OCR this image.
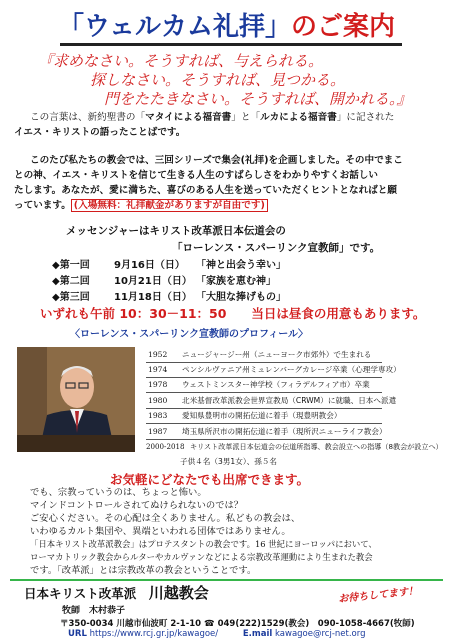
「ウェルカム礼拝」のご案内
『求めなさい。そうすれば、与えられる。
探しなさい。そうすれば、見つかる。
門をたたきなさい。そうすれば、開かれる。』
この言葉は、新約聖書の「マタイによる福音書」と「ルカによる福音書」に記された
イエス・キリストの語ったことばです。
このたび私たちの教会では、三回シリーズで集会(礼拝)を企画しました。その中でまこ
との神、イエス・キリストを信じて生きる人生のすばらしさをわかりやすくお話しい
たします。あなたが、愛に満ちた、喜びのある人生を送っていただくヒントとなればと願
っています。 (入場無料：礼拝献金がありますが自由です)
メッセンジャーはキリスト改革派日本伝道会の
「ローレンス・スパーリンク宣教師」です。
◆第一回 9月16日（日） 「神と出会う幸い」
◆第二回 10月21日（日） 「家族を恵む神」
◆第三回 11月18日（日） 「大胆な捧げもの」
いずれも午前 10：30－11：50　　当日は昼食の用意もあります。
〈ローレンス・スパーリンク宣教師のプロフィール〉
1952 ニュージャージー州（ニューヨーク市郊外）で生まれる
1974 ペンシルヴァニア州ミュレンバーグカレージ卒業（心理学専攻）
1978 ウェストミンスター神学校（フィラデルフィア市）卒業
1980 北米基督改革派教会世界宣教局（CRWM）に就職、日本へ派遣
1983 愛知県豊明市の開拓伝道に着手（現豊明教会）
1987 埼玉県所沢市の開拓伝道に着手（現所沢ニューライフ教会）
2000-2018 キリスト改革派日本伝道会の伝道所指導、教会設立への指導（8教会が設立へ）
子供４名（3男1女）、孫５名
お気軽にどなたでも出席できます。
でも、宗教っていうのは、ちょっと怖い。
マインドコントロールされてぬけられないのでは？
ご安心ください。その心配は全くありません。私どもの教会は、
いわゆるカルト集団や、異端といわれる団体ではありません。
「日本キリスト改革派教会」はプロテスタントの教会です。16 世紀にヨーロッパにおいて、
ローマカトリック教会からルターやカルヴァンなどによる宗教改革運動により生まれた教会
です。「改革派」とは宗教改革の教会ということです。
日本キリスト改革派　 川越教会	お待ちしてます！
牧師　 木村恭子
〒350-0034 川越市仙波町 2-1-10 ☎ 049(222)1529(教会)　090-1058-4667(牧師)
URL https://www.rcj.gr.jp/kawagoe/	E.mail kawagoe@rcj-net.org
